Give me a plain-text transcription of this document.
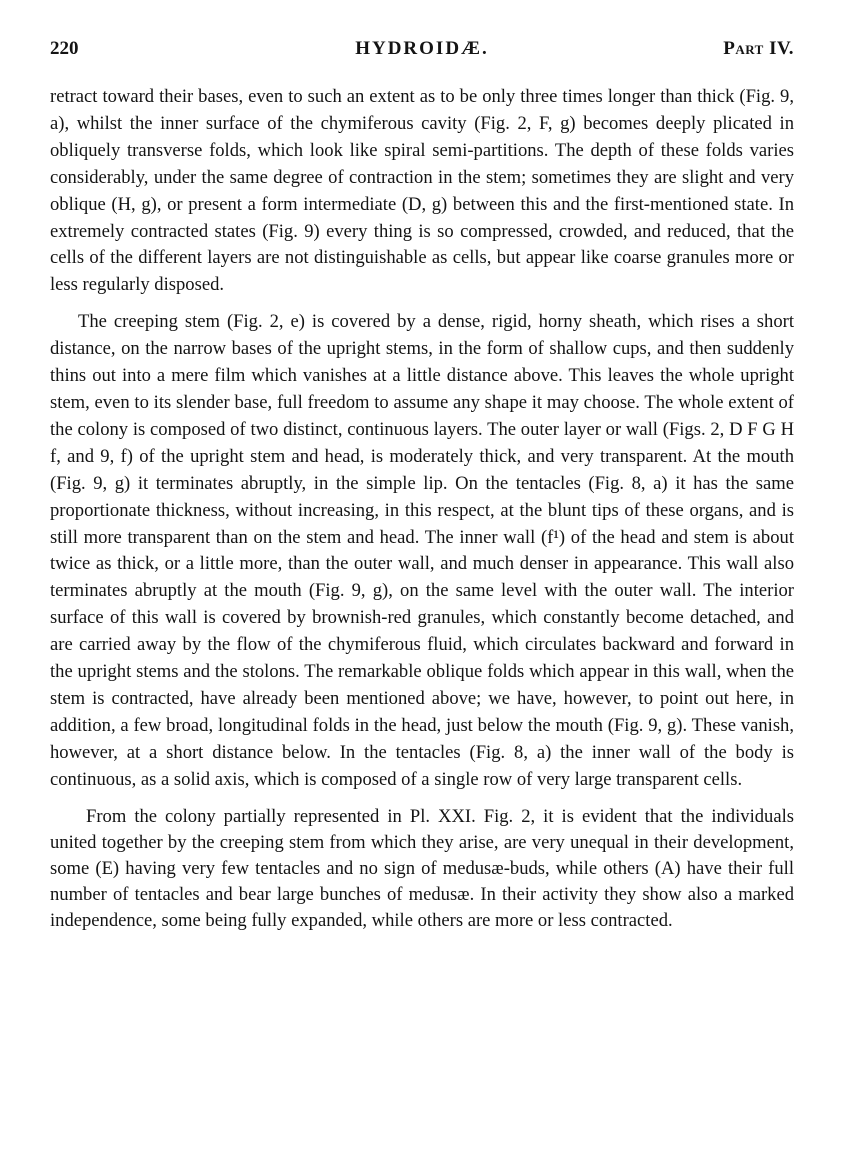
220	HYDROIDÆ.	Part IV.

retract toward their bases, even to such an extent as to be only three times longer than thick (Fig. 9, a), whilst the inner surface of the chymiferous cavity (Fig. 2, F, g) becomes deeply plicated in obliquely transverse folds, which look like spiral semi-partitions. The depth of these folds varies considerably, under the same degree of contraction in the stem; sometimes they are slight and very oblique (H, g), or present a form intermediate (D, g) between this and the first-mentioned state. In extremely contracted states (Fig. 9) every thing is so compressed, crowded, and reduced, that the cells of the different layers are not distinguishable as cells, but appear like coarse granules more or less regularly disposed.

The creeping stem (Fig. 2, e) is covered by a dense, rigid, horny sheath, which rises a short distance, on the narrow bases of the upright stems, in the form of shallow cups, and then suddenly thins out into a mere film which vanishes at a little distance above. This leaves the whole upright stem, even to its slender base, full freedom to assume any shape it may choose. The whole extent of the colony is composed of two distinct, continuous layers. The outer layer or wall (Figs. 2, D F G H f, and 9, f) of the upright stem and head, is moderately thick, and very transparent. At the mouth (Fig. 9, g) it terminates abruptly, in the simple lip. On the tentacles (Fig. 8, a) it has the same proportionate thickness, without increasing, in this respect, at the blunt tips of these organs, and is still more transparent than on the stem and head. The inner wall (f¹) of the head and stem is about twice as thick, or a little more, than the outer wall, and much denser in appearance. This wall also terminates abruptly at the mouth (Fig. 9, g), on the same level with the outer wall. The interior surface of this wall is covered by brownish-red granules, which constantly become detached, and are carried away by the flow of the chymiferous fluid, which circulates backward and forward in the upright stems and the stolons. The remarkable oblique folds which appear in this wall, when the stem is contracted, have already been mentioned above; we have, however, to point out here, in addition, a few broad, longitudinal folds in the head, just below the mouth (Fig. 9, g). These vanish, however, at a short distance below. In the tentacles (Fig. 8, a) the inner wall of the body is continuous, as a solid axis, which is composed of a single row of very large transparent cells.

From the colony partially represented in Pl. XXI. Fig. 2, it is evident that the individuals united together by the creeping stem from which they arise, are very unequal in their development, some (E) having very few tentacles and no sign of medusæ-buds, while others (A) have their full number of tentacles and bear large bunches of medusæ. In their activity they show also a marked independence, some being fully expanded, while others are more or less contracted.
